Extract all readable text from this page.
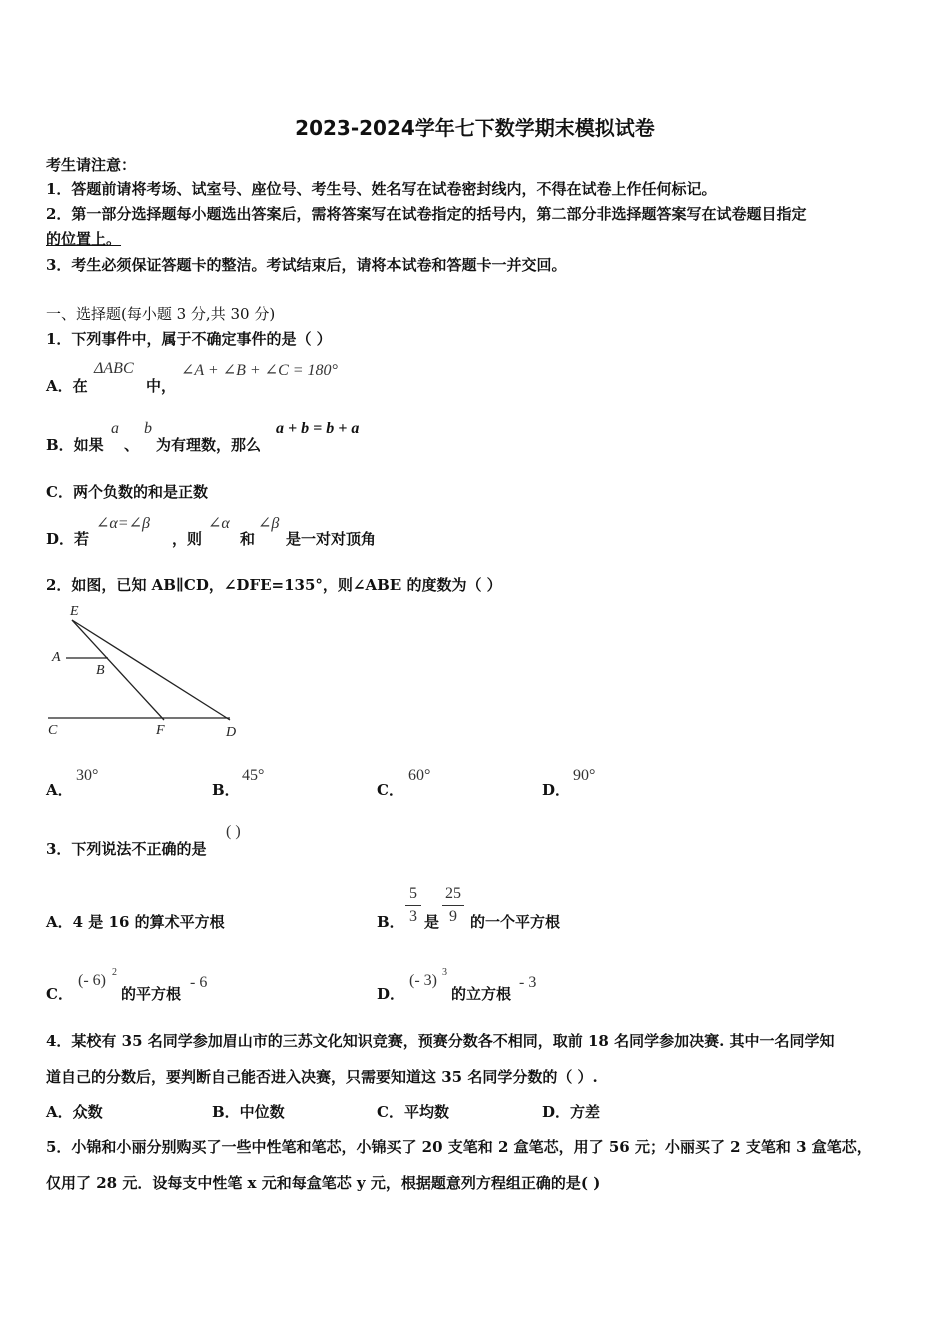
2023-2024学年七下数学期末模拟试卷
考生请注意：
1．答题前请将考场、试室号、座位号、考生号、姓名写在试卷密封线内，不得在试卷上作任何标记。
2．第一部分选择题每小题选出答案后，需将答案写在试卷指定的括号内，第二部分非选择题答案写在试卷题目指定
的位置上。
3．考生必须保证答题卡的整洁。考试结束后，请将本试卷和答题卡一并交回。
一、选择题(每小题 3 分,共 30 分)
1．下列事件中，属于不确定事件的是（ ）
A．在
ΔABC
中，
∠A + ∠B + ∠C = 180°
B．如果
a
、
b
为有理数，那么
a + b = b + a
C．两个负数的和是正数
D．若
∠α=∠β
，则
∠α
和
∠β
是一对对顶角
2．如图，已知 AB∥CD，∠DFE=135°，则∠ABE 的度数为（ ）
E
A
B
C	F	D
A．
30°
B．
45°
C．
60°
D．
90°
3．下列说法不正确的是
( )
A．4 是 16 的算术平方根	B．
5
3 是
25
9 的一个平方根
C．
(- 6) 2
的平方根
- 6
D．
(- 3) 3
的立方根
- 3
4．某校有 35 名同学参加眉山市的三苏文化知识竞赛，预赛分数各不相同，取前 18 名同学参加决赛. 其中一名同学知
道自己的分数后，要判断自己能否进入决赛，只需要知道这 35 名同学分数的（ ）.
A．众数	B．中位数	C．平均数	D．方差
5．小锦和小丽分别购买了一些中性笔和笔芯，小锦买了 20 支笔和 2 盒笔芯，用了 56 元；小丽买了 2 支笔和 3 盒笔芯，
仅用了 28 元．设每支中性笔 x 元和每盒笔芯 y 元，根据题意列方程组正确的是( )
